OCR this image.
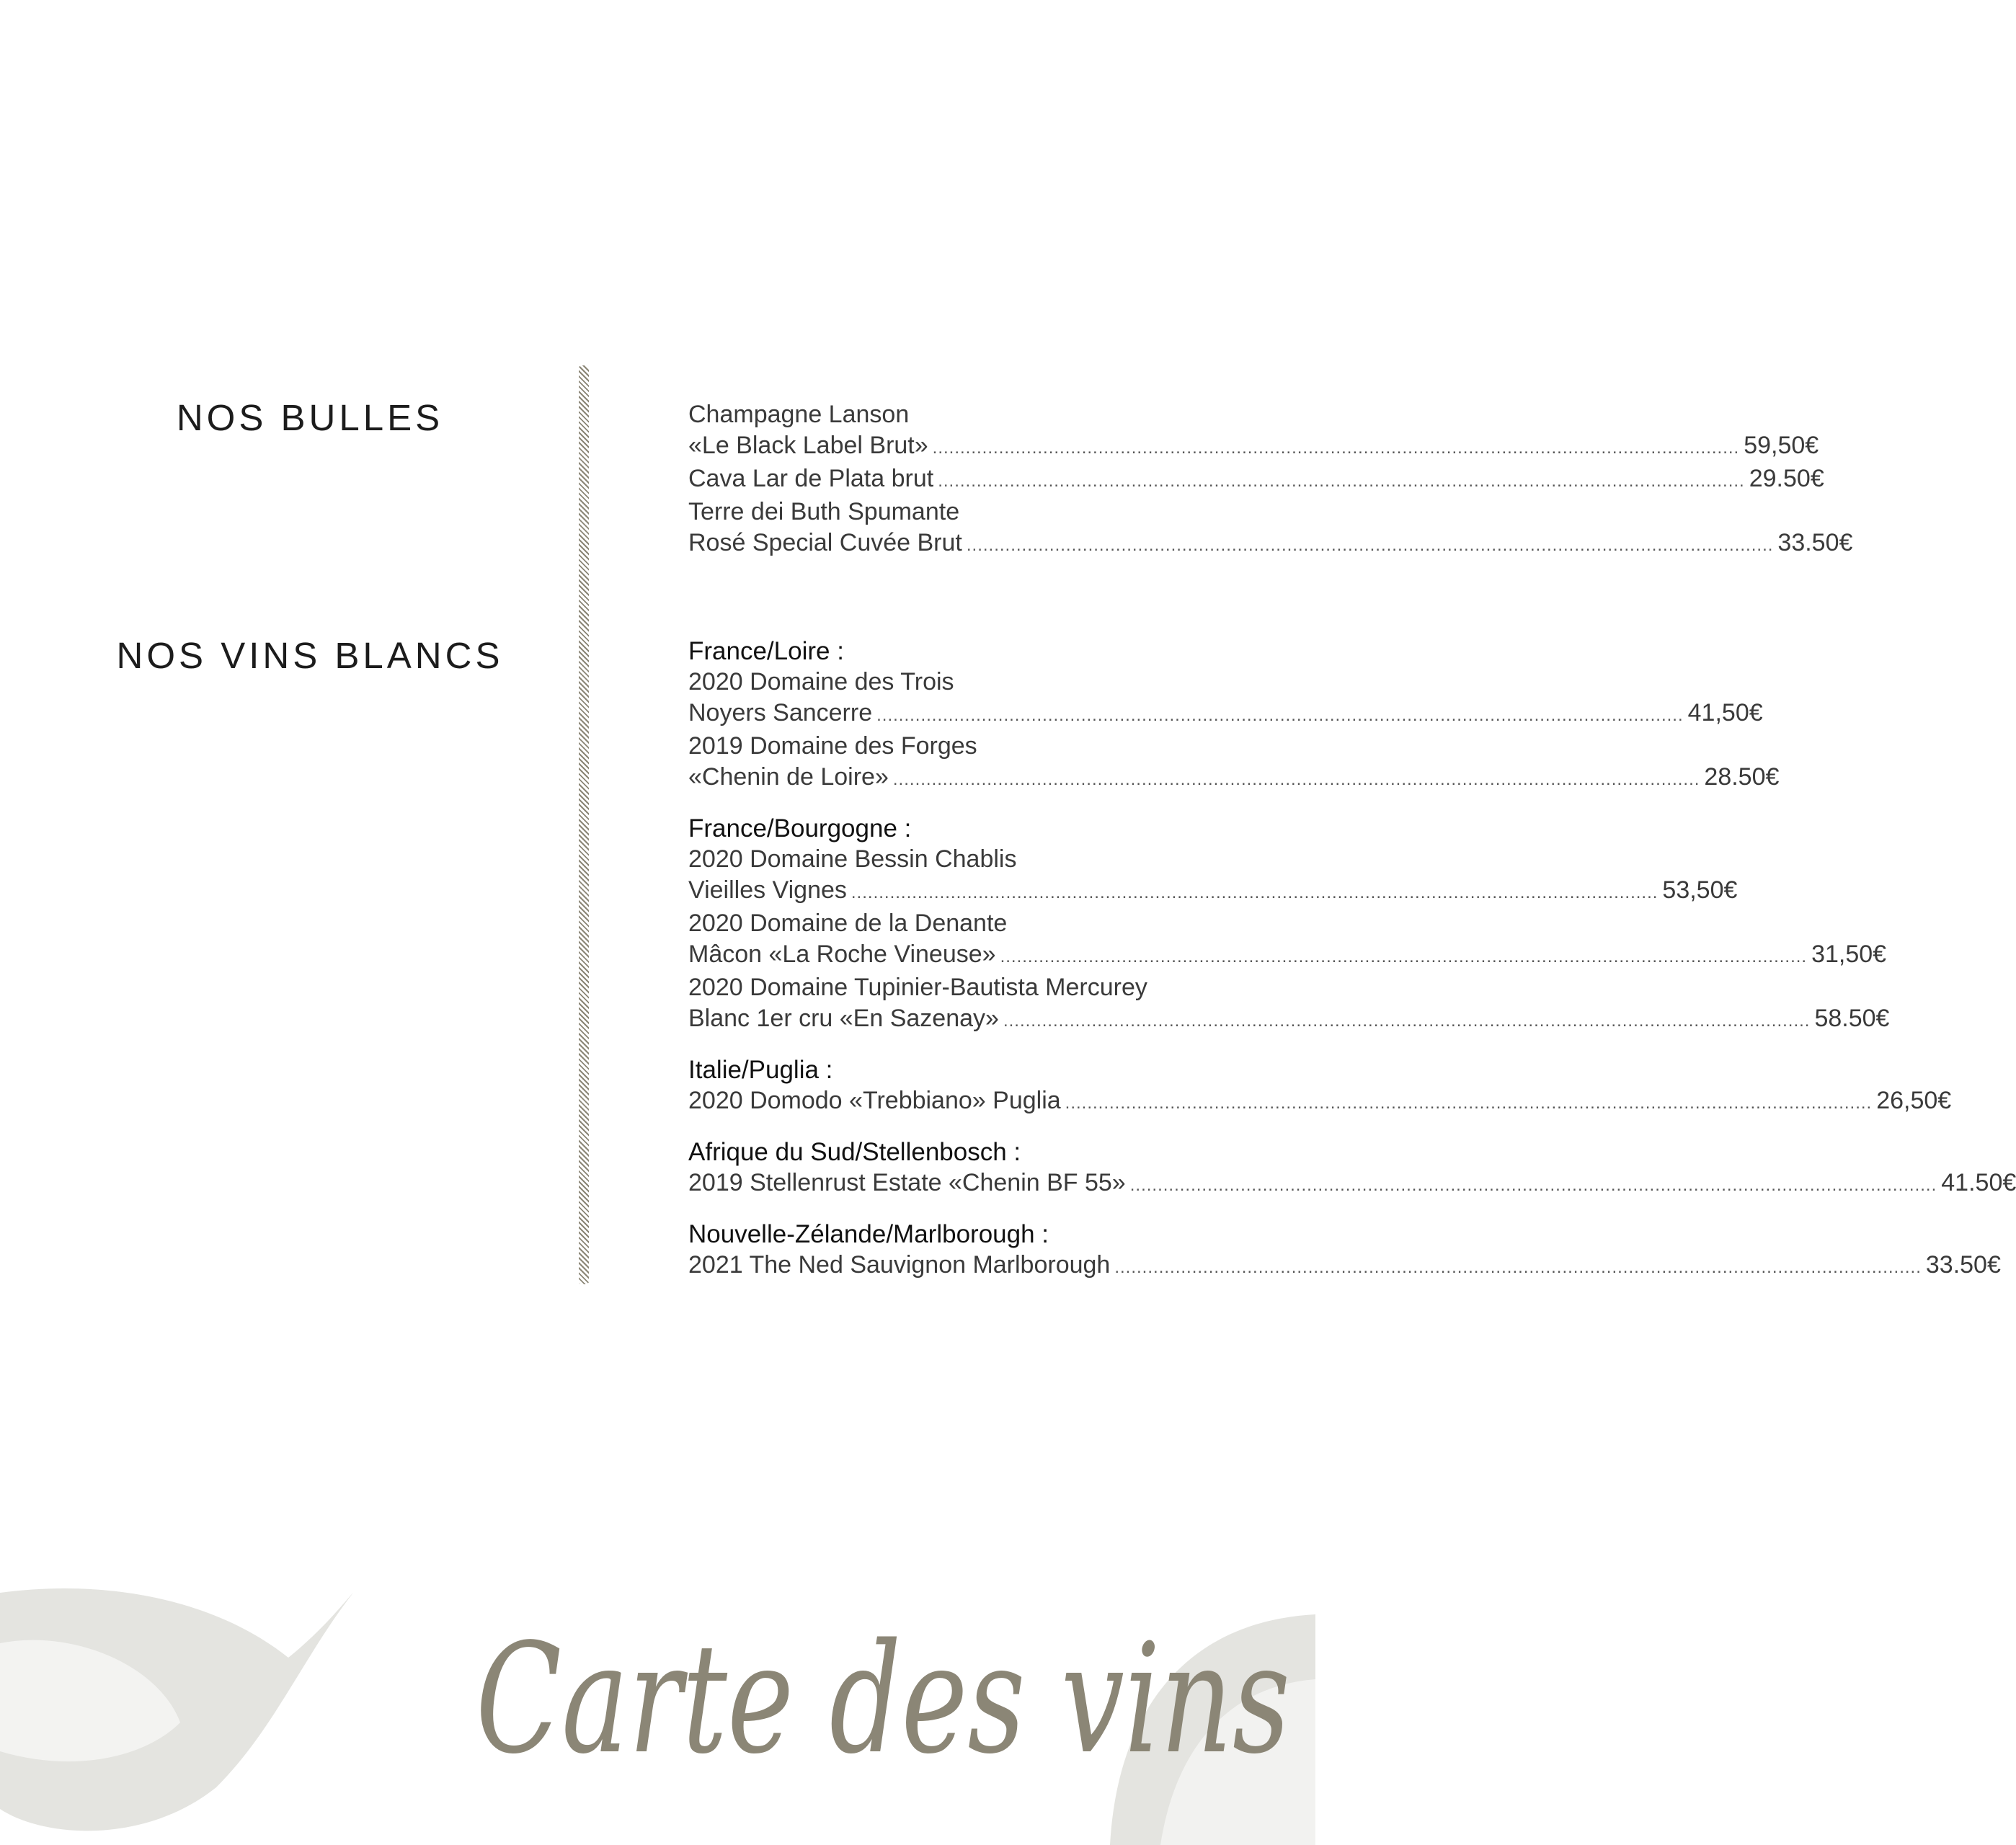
NOS BULLES
NOS VINS BLANCS
Champagne Lanson
«Le Black Label Brut» .....	59,50€
Cava Lar de Plata brut .....	29.50€
Terre dei Buth Spumante
Rosé Special Cuvée Brut .....	33.50€
France/Loire :
2020 Domaine des Trois
Noyers Sancerre .....	41,50€
2019 Domaine des Forges
«Chenin de Loire» .....	28.50€
France/Bourgogne :
2020 Domaine Bessin Chablis
Vieilles Vignes .....	53,50€
2020 Domaine de la Denante
Mâcon «La Roche Vineuse» .....	31,50€
2020 Domaine Tupinier-Bautista Mercurey
Blanc 1er cru «En Sazenay» .....	58.50€
Italie/Puglia :
2020 Domodo «Trebbiano» Puglia .....	26,50€
Afrique du Sud/Stellenbosch :
2019 Stellenrust Estate «Chenin BF 55» .....	41.50€
Nouvelle-Zélande/Marlborough :
2021 The Ned Sauvignon Marlborough .....	33.50€
Carte des vins
